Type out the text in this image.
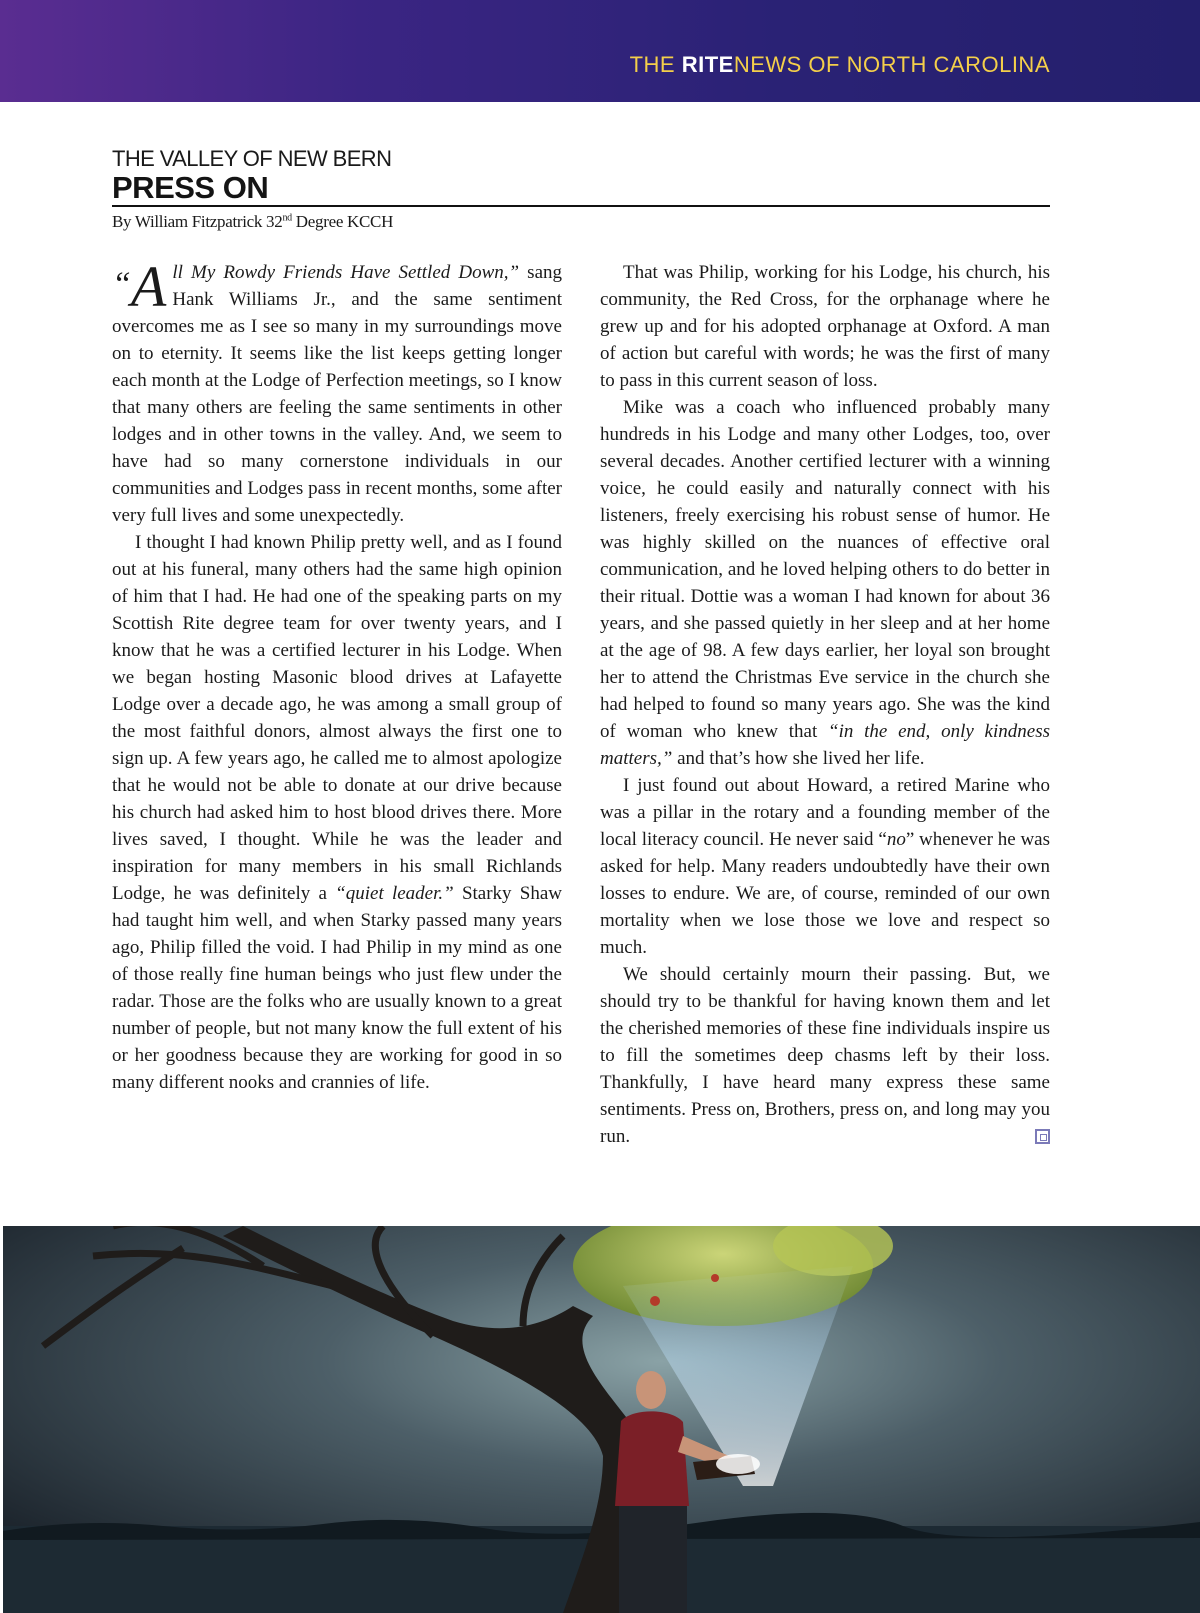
THE RITENEWS OF NORTH CAROLINA
THE VALLEY OF NEW BERN
PRESS ON
By William Fitzpatrick 32nd Degree KCCH

“A ll My Rowdy Friends Have Settled Down,” sang Hank Williams Jr., and the same sentiment overcomes me as I see so many in my surroundings move on to eternity. It seems like the list keeps getting longer each month at the Lodge of Perfection meetings, so I know that many others are feeling the same sentiments in other lodges and in other towns in the valley. And, we seem to have had so many cornerstone individuals in our communities and Lodges pass in recent months, some after very full lives and some unexpectedly.

I thought I had known Philip pretty well, and as I found out at his funeral, many others had the same high opinion of him that I had. He had one of the speaking parts on my Scottish Rite degree team for over twenty years, and I know that he was a certified lecturer in his Lodge. When we began hosting Masonic blood drives at Lafayette Lodge over a decade ago, he was among a small group of the most faithful donors, almost always the first one to sign up. A few years ago, he called me to almost apologize that he would not be able to donate at our drive because his church had asked him to host blood drives there. More lives saved, I thought. While he was the leader and inspiration for many members in his small Richlands Lodge, he was definitely a “quiet leader.” Starky Shaw had taught him well, and when Starky passed many years ago, Philip filled the void. I had Philip in my mind as one of those really fine human beings who just flew under the radar. Those are the folks who are usually known to a great number of people, but not many know the full extent of his or her goodness because they are working for good in so many different nooks and crannies of life.

That was Philip, working for his Lodge, his church, his community, the Red Cross, for the orphanage where he grew up and for his adopted orphanage at Oxford. A man of action but careful with words; he was the first of many to pass in this current season of loss.

Mike was a coach who influenced probably many hundreds in his Lodge and many other Lodges, too, over several decades. Another certified lecturer with a winning voice, he could easily and naturally connect with his listeners, freely exercising his robust sense of humor. He was highly skilled on the nuances of effective oral communication, and he loved helping others to do better in their ritual. Dottie was a woman I had known for about 36 years, and she passed quietly in her sleep and at her home at the age of 98. A few days earlier, her loyal son brought her to attend the Christmas Eve service in the church she had helped to found so many years ago. She was the kind of woman who knew that “in the end, only kindness matters,” and that’s how she lived her life.

I just found out about Howard, a retired Marine who was a pillar in the rotary and a founding member of the local literacy council. He never said “no” whenever he was asked for help. Many readers undoubtedly have their own losses to endure. We are, of course, reminded of our own mortality when we lose those we love and respect so much.

We should certainly mourn their passing. But, we should try to be thankful for having known them and let the cherished memories of these fine individuals inspire us to fill the sometimes deep chasms left by their loss. Thankfully, I have heard many express these same sentiments. Press on, Brothers, press on, and long may you run.
